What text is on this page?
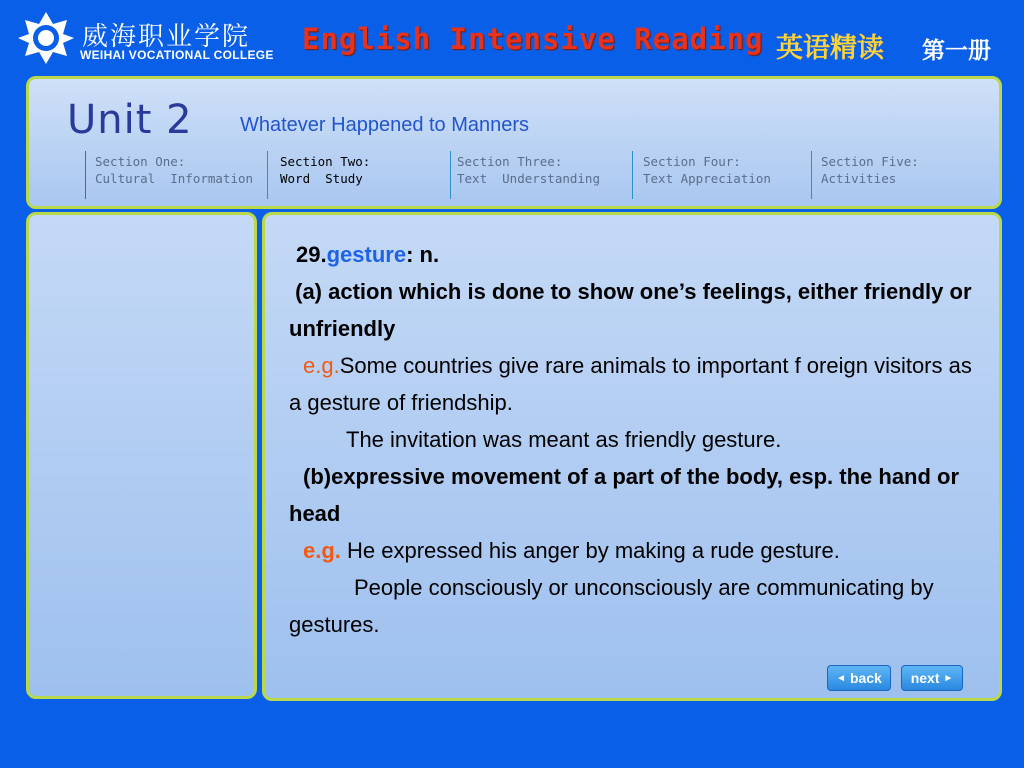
威海职业学院
WEIHAI VOCATIONAL COLLEGE English Intensive Reading 英语精读 第一册
Unit 2 Whatever Happened to Manners
Section One:
Cultural  Information
Section Two:
Word  Study
Section Three:
Text  Understanding
Section Four:
Text Appreciation
Section Five:
Activities

29.gesture: n.

(a) action which is done to show one’s feelings, either friendly or unfriendly

e.g.Some countries give rare animals to important f oreign visitors as a gesture of friendship.

The invitation was meant as friendly gesture.

(b)expressive movement of a part of the body, esp. the hand or head

e.g. He expressed his anger by making a rude gesture.

People consciously or unconsciously are communicating by gestures.

◄
back next
►
